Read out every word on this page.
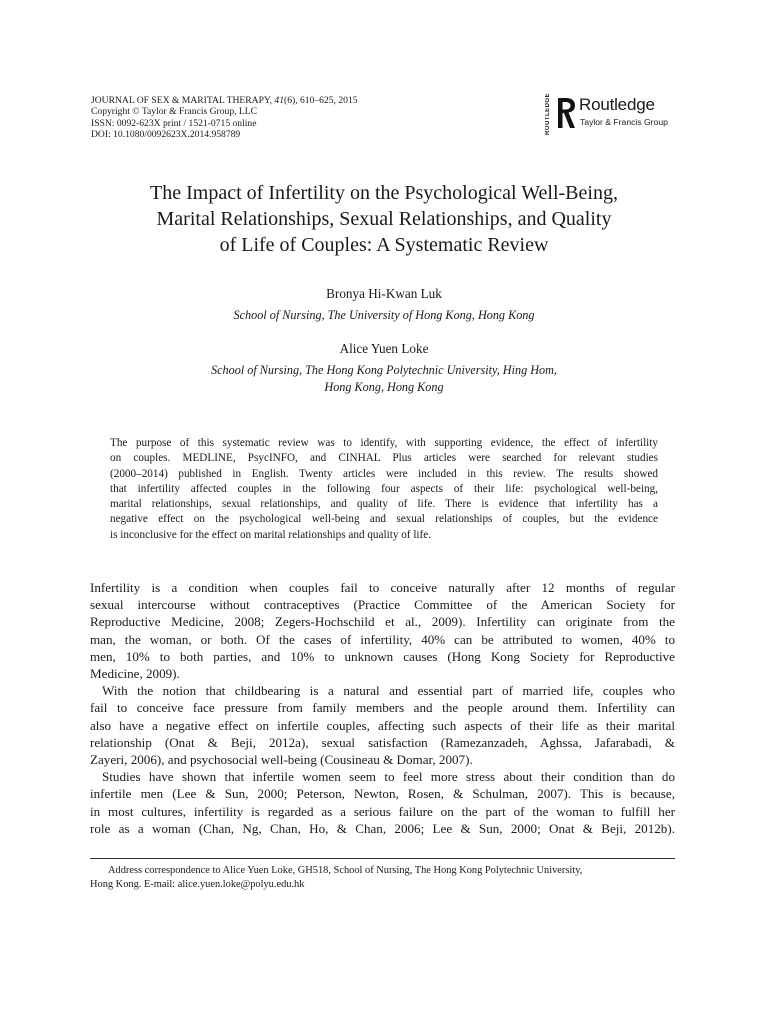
JOURNAL OF SEX & MARITAL THERAPY, 41(6), 610–625, 2015
Copyright © Taylor & Francis Group, LLC
ISSN: 0092-623X print / 1521-0715 online
DOI: 10.1080/0092623X.2014.958789	ROUTLEDGE Routledge
Taylor & Francis Group
The Impact of Infertility on the Psychological Well-Being,
Marital Relationships, Sexual Relationships, and Quality
of Life of Couples: A Systematic Review
Bronya Hi-Kwan Luk
School of Nursing, The University of Hong Kong, Hong Kong
Alice Yuen Loke
School of Nursing, The Hong Kong Polytechnic University, Hing Hom,
Hong Kong, Hong Kong
The purpose of this systematic review was to identify, with supporting evidence, the effect of infertility
on couples. MEDLINE, PsycINFO, and CINHAL Plus articles were searched for relevant studies
(2000–2014) published in English. Twenty articles were included in this review. The results showed
that infertility affected couples in the following four aspects of their life: psychological well-being,
marital relationships, sexual relationships, and quality of life. There is evidence that infertility has a
negative effect on the psychological well-being and sexual relationships of couples, but the evidence
is inconclusive for the effect on marital relationships and quality of life.
Infertility is a condition when couples fail to conceive naturally after 12 months of regular
sexual intercourse without contraceptives (Practice Committee of the American Society for
Reproductive Medicine, 2008; Zegers-Hochschild et al., 2009). Infertility can originate from the
man, the woman, or both. Of the cases of infertility, 40% can be attributed to women, 40% to
men, 10% to both parties, and 10% to unknown causes (Hong Kong Society for Reproductive
Medicine, 2009).
With the notion that childbearing is a natural and essential part of married life, couples who
fail to conceive face pressure from family members and the people around them. Infertility can
also have a negative effect on infertile couples, affecting such aspects of their life as their marital
relationship (Onat & Beji, 2012a), sexual satisfaction (Ramezanzadeh, Aghssa, Jafarabadi, &
Zayeri, 2006), and psychosocial well-being (Cousineau & Domar, 2007).
Studies have shown that infertile women seem to feel more stress about their condition than do
infertile men (Lee & Sun, 2000; Peterson, Newton, Rosen, & Schulman, 2007). This is because,
in most cultures, infertility is regarded as a serious failure on the part of the woman to fulfill her
role as a woman (Chan, Ng, Chan, Ho, & Chan, 2006; Lee & Sun, 2000; Onat & Beji, 2012b).
Address correspondence to Alice Yuen Loke, GH518, School of Nursing, The Hong Kong Polytechnic University,
Hong Kong. E-mail: alice.yuen.loke@polyu.edu.hk
